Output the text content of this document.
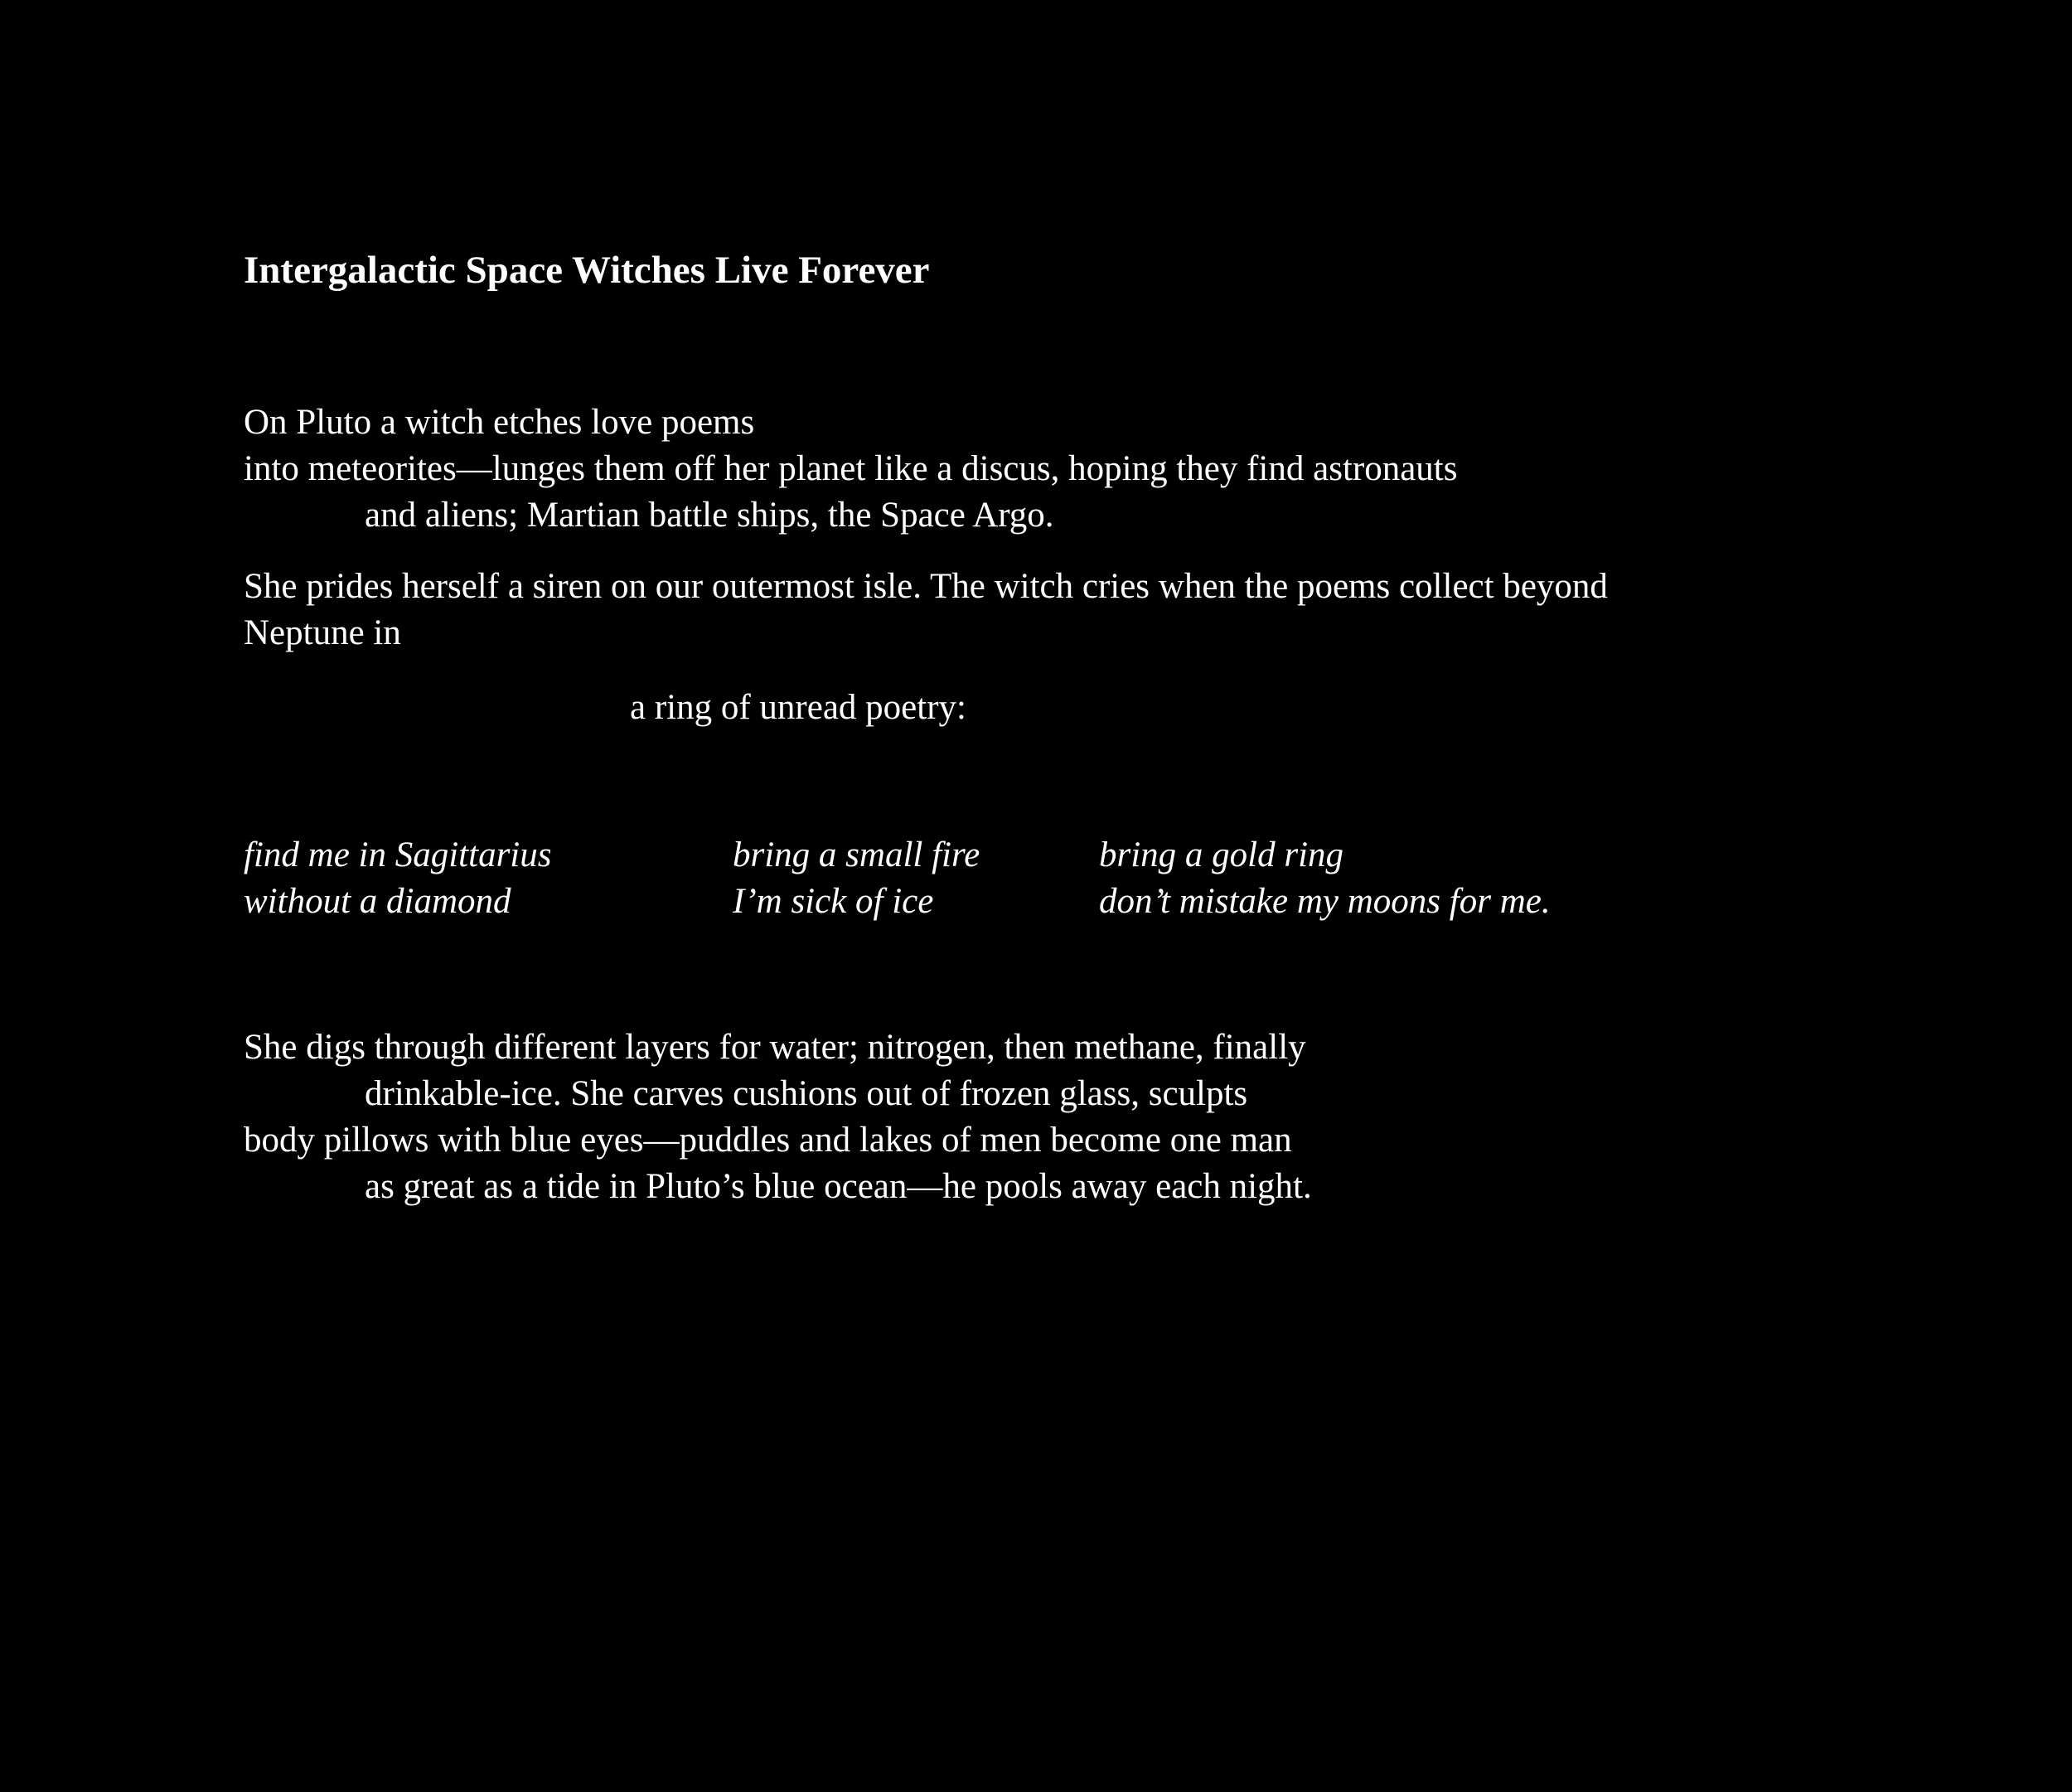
Intergalactic Space Witches Live Forever
On Pluto a witch etches love poems
into meteorites—lunges them off her planet like a discus, hoping they find astronauts
and aliens; Martian battle ships, the Space Argo.
She prides herself a siren on our outermost isle. The witch cries when the poems collect beyond
Neptune in
a ring of unread poetry:
find me in Sagittarius
without a diamond
bring a small fire
I’m sick of ice
bring a gold ring
don’t mistake my moons for me.
She digs through different layers for water; nitrogen, then methane, finally
drinkable-ice. She carves cushions out of frozen glass, sculpts
body pillows with blue eyes—puddles and lakes of men become one man
as great as a tide in Pluto’s blue ocean—he pools away each night.
